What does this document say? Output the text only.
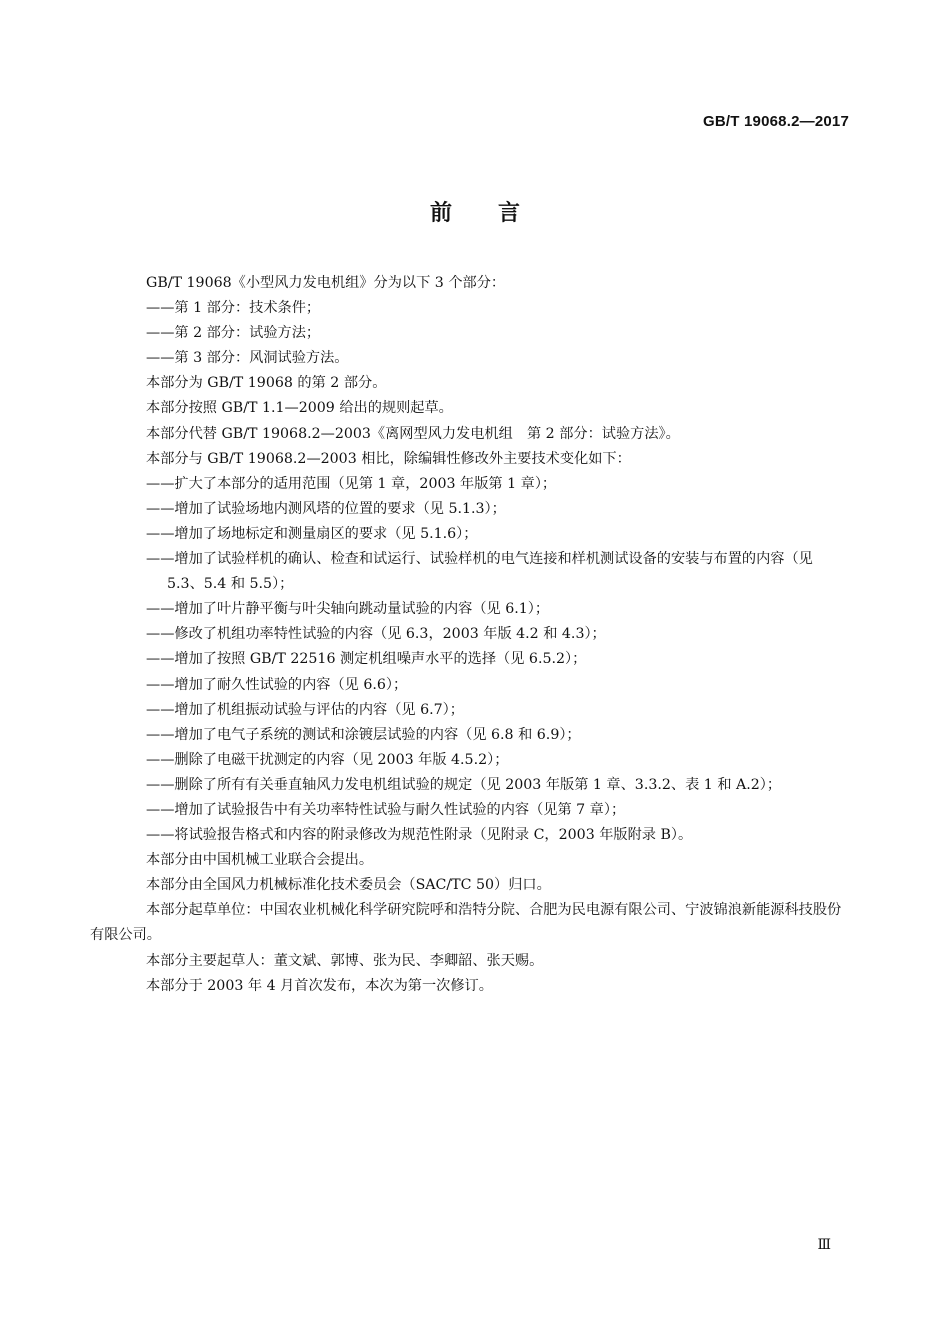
GB/T 19068.2—2017
前 言

GB/T 19068《小型风力发电机组》分为以下 3 个部分：

——第 1 部分：技术条件；

——第 2 部分：试验方法；

——第 3 部分：风洞试验方法。

本部分为 GB/T 19068 的第 2 部分。

本部分按照 GB/T 1.1—2009 给出的规则起草。

本部分代替 GB/T 19068.2—2003《离网型风力发电机组　第 2 部分：试验方法》。

本部分与 GB/T 19068.2—2003 相比，除编辑性修改外主要技术变化如下：

——扩大了本部分的适用范围（见第 1 章，2003 年版第 1 章）；

——增加了试验场地内测风塔的位置的要求（见 5.1.3）；

——增加了场地标定和测量扇区的要求（见 5.1.6）；

——增加了试验样机的确认、检查和试运行、试验样机的电气连接和样机测试设备的安装与布置的内容（见 5.3、5.4 和 5.5）；

——增加了叶片静平衡与叶尖轴向跳动量试验的内容（见 6.1）；

——修改了机组功率特性试验的内容（见 6.3，2003 年版 4.2 和 4.3）；

——增加了按照 GB/T 22516 测定机组噪声水平的选择（见 6.5.2）；

——增加了耐久性试验的内容（见 6.6）；

——增加了机组振动试验与评估的内容（见 6.7）；

——增加了电气子系统的测试和涂镀层试验的内容（见 6.8 和 6.9）；

——删除了电磁干扰测定的内容（见 2003 年版 4.5.2）；

——删除了所有有关垂直轴风力发电机组试验的规定（见 2003 年版第 1 章、3.3.2、表 1 和 A.2）；

——增加了试验报告中有关功率特性试验与耐久性试验的内容（见第 7 章）；

——将试验报告格式和内容的附录修改为规范性附录（见附录 C，2003 年版附录 B）。

本部分由中国机械工业联合会提出。

本部分由全国风力机械标准化技术委员会（SAC/TC 50）归口。

本部分起草单位：中国农业机械化科学研究院呼和浩特分院、合肥为民电源有限公司、宁波锦浪新能源科技股份有限公司。

本部分主要起草人：董文斌、郭博、张为民、李卿韶、张天赐。

本部分于 2003 年 4 月首次发布，本次为第一次修订。

Ⅲ
